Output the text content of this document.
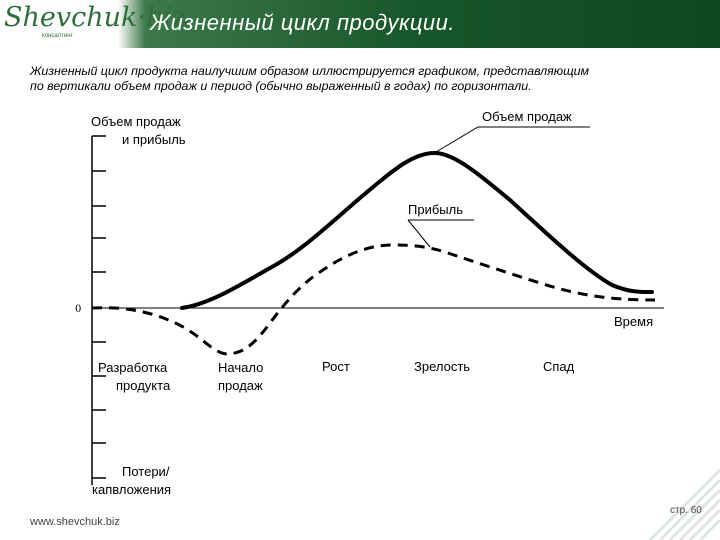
Shevchuk·biz
консалтинг
Жизненный цикл продукции.
Жизненный цикл продукта наилучшим образом иллюстрируется графиком, представляющим
по вертикали объем продаж и период (обычно выраженный в годах) по горизонтали.
Объем продаж
и прибыль
0
Время
Объем продаж
Прибыль
Разработка
продукта
Начало
продаж
Рост	Зрелость	Спад
Потери/
капвложения
www.shevchuk.biz
стр. 60
